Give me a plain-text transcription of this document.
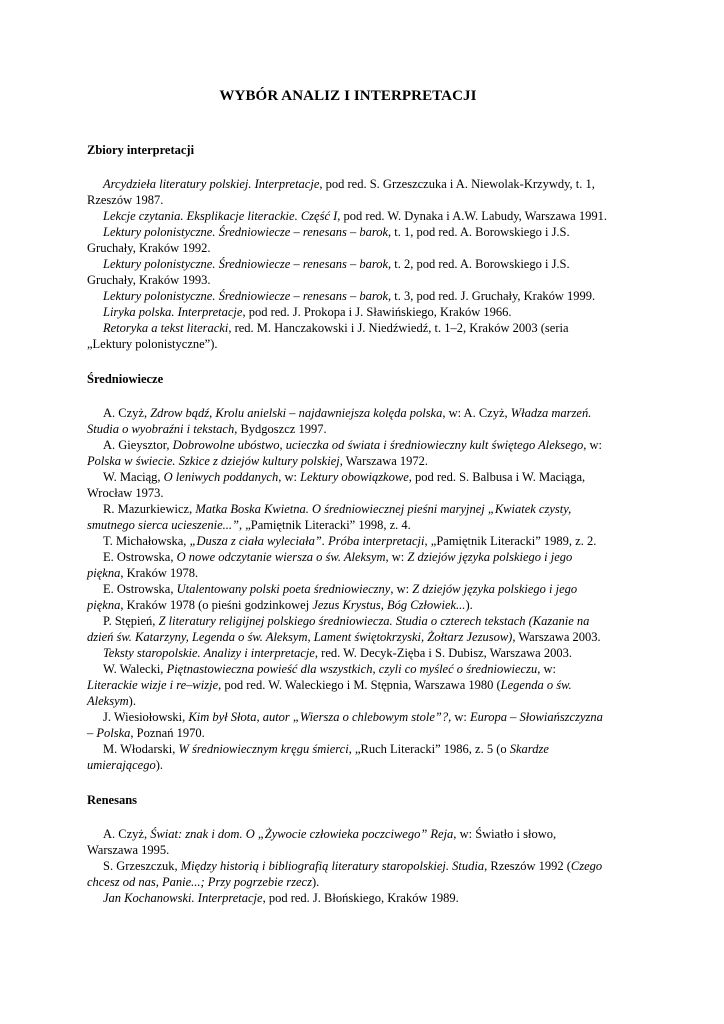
WYBÓR ANALIZ I INTERPRETACJI
Zbiory interpretacji

Arcydzieła literatury polskiej. Interpretacje, pod red. S. Grzeszczuka i A. Niewolak-Krzywdy, t. 1, Rzeszów 1987.

Lekcje czytania. Eksplikacje literackie. Część I, pod red. W. Dynaka i A.W. Labudy, Warszawa 1991.

Lektury polonistyczne. Średniowiecze – renesans – barok, t. 1, pod red. A. Borowskiego i J.S. Gruchały, Kraków 1992.

Lektury polonistyczne. Średniowiecze – renesans – barok, t. 2, pod red. A. Borowskiego i J.S. Gruchały, Kraków 1993.

Lektury polonistyczne. Średniowiecze – renesans – barok, t. 3, pod red. J. Gruchały, Kraków 1999.

Liryka polska. Interpretacje, pod red. J. Prokopa i J. Sławińskiego, Kraków 1966.

Retoryka a tekst literacki, red. M. Hanczakowski i J. Niedźwiedź, t. 1–2, Kraków 2003 (seria „Lektury polonistyczne”).

Średniowiecze

A. Czyż, Zdrow bądź, Krolu anielski – najdawniejsza kolęda polska, w: A. Czyż, Władza marzeń. Studia o wyobraźni i tekstach, Bydgoszcz 1997.

A. Gieysztor, Dobrowolne ubóstwo, ucieczka od świata i średniowieczny kult świętego Aleksego, w: Polska w świecie. Szkice z dziejów kultury polskiej, Warszawa 1972.

W. Maciąg, O leniwych poddanych, w: Lektury obowiązkowe, pod red. S. Balbusa i W. Maciąga, Wrocław 1973.

R. Mazurkiewicz, Matka Boska Kwietna. O średniowiecznej pieśni maryjnej „Kwiatek czysty, smutnego sierca ucieszenie...”, „Pamiętnik Literacki” 1998, z. 4.

T. Michałowska, „Dusza z ciała wyleciała”. Próba interpretacji, „Pamiętnik Literacki” 1989, z. 2.

E. Ostrowska, O nowe odczytanie wiersza o św. Aleksym, w: Z dziejów języka polskiego i jego piękna, Kraków 1978.

E. Ostrowska, Utalentowany polski poeta średniowieczny, w: Z dziejów języka polskiego i jego piękna, Kraków 1978 (o pieśni godzinkowej Jezus Krystus, Bóg Człowiek...).

P. Stępień, Z literatury religijnej polskiego średniowiecza. Studia o czterech tekstach (Kazanie na dzień św. Katarzyny, Legenda o św. Aleksym, Lament świętokrzyski, Żołtarz Jezusow), Warszawa 2003.

Teksty staropolskie. Analizy i interpretacje, red. W. Decyk-Zięba i S. Dubisz, Warszawa 2003.

W. Walecki, Piętnastowieczna powieść dla wszystkich, czyli co myśleć o średniowieczu, w: Literackie wizje i re–wizje, pod red. W. Waleckiego i M. Stępnia, Warszawa 1980 (Legenda o św. Aleksym).

J. Wiesiołowski, Kim był Słota, autor „Wiersza o chlebowym stole”?, w: Europa – Słowiańszczyzna – Polska, Poznań 1970.

M. Włodarski, W średniowiecznym kręgu śmierci, „Ruch Literacki” 1986, z. 5 (o Skardze umierającego).

Renesans

A. Czyż, Świat: znak i dom. O „Żywocie człowieka poczciwego” Reja, w: Światło i słowo, Warszawa 1995.

S. Grzeszczuk, Między historią i bibliografią literatury staropolskiej. Studia, Rzeszów 1992 (Czego chcesz od nas, Panie...; Przy pogrzebie rzecz).

Jan Kochanowski. Interpretacje, pod red. J. Błońskiego, Kraków 1989.
